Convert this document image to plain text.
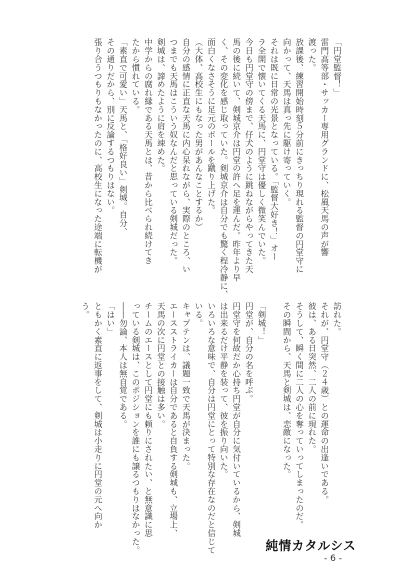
「円堂監督！」
雷門高等部・サッカー専用グランドに、松風天馬の声が響
渡った。
放課後、練習開始時刻５分前にきっちり現れる監督の円堂守に
向かって、天馬は真っ先に駆け寄っていく。
それは既に日常の光景となっている。「監督大好き！」オー
ラ全開で懐いてくる天馬に、円堂守は優しく微笑んでいた。
今日も円堂守の傍まで、仔犬のように跳ねながらやってきた天
馬の後に続いて、剣城京介は円堂の許へ足を運んだ。昨年より早
く、その変化を感じ取っていた。剣城京介は自分でも驚く程冷静に、
面白くなさそうに足元のボールを蹴り上げた。
（大体、高校生にもなった男があんなことするか）
自分の感情に正直な天馬に内心呆れながら、実際のところ、い
つまでも天馬はこういう奴なんだと思っている剣城だった。
剣城は、諦めたように肩を竦めた。
中学からの腐れ縁である天馬とは、昔から比べられ続けてき
たから慣れている。
「素直で可愛い」天馬と、「格好良い」剣城。自分、
その通りだから、別に反論するつもりはない。
張り合うつもりもなかったのに、高校生になった途端に転機が
訪れた。
それが、円堂守（２４歳）との運命の出逢いである。
彼は、ある日突然、二人の前に現れた。
そうして、瞬く間に二人の心を奪っていってしまったのだ。
その瞬間から、天馬と剣城は、恋敵になった。

「剣城！」
円堂が、自分の名を呼ぶ。
円堂守を何故だか心持ち円堂が自分に気付いているから、剣城
は出来るだけ平静を装って、彼を振り向いた。
いろいろな意味で、自分は円堂にとって特別な存在なのだと信じて
いる。
キャプテンは、議題一致で天馬が決まった。
エースストライカーは自分であると自負する剣城も、立場上、
天馬の次に円堂との接触は多い。
チームのエースとして円堂にも頼りにされたい、と無意識に思
っている剣城は、このポジションを誰にも譲るつもりはなかった。
――勿論、本人は無自覚である。
「はい」
ともかく素直に返事をして、剣城は小走りに円堂の元へ向か
う。
純情カタルシス
- 6 -
